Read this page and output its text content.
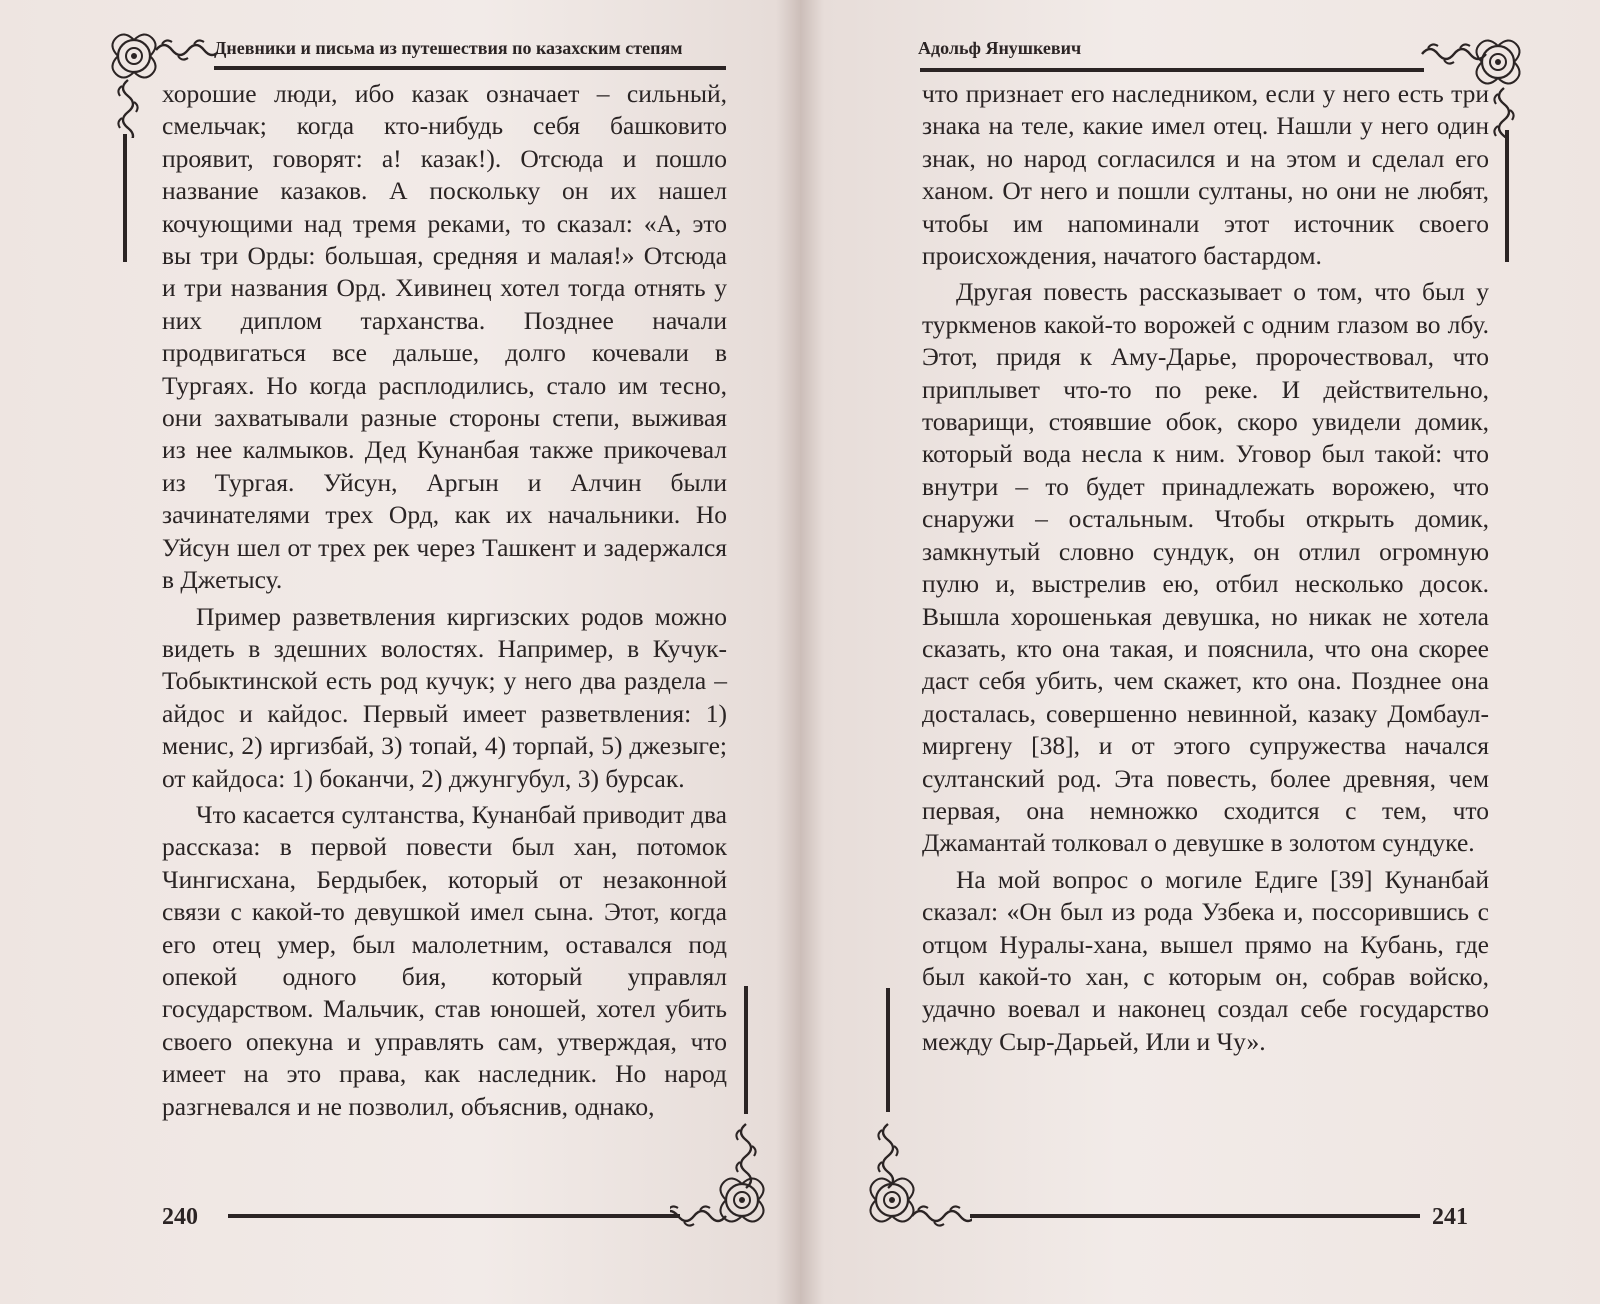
Дневники и письма из путешествия по казахским степям
240

хорошие люди, ибо казак означает – сильный, смельчак; когда кто-нибудь себя башковито проявит, говорят: а! казак!). Отсюда и пошло название казаков. А поскольку он их нашел кочующими над тремя реками, то сказал: «А, это вы три Орды: большая, средняя и малая!» Отсюда и три названия Орд. Хивинец хотел тогда отнять у них диплом тарханства. Позднее начали продвигаться все дальше, долго кочевали в Тургаях. Но когда расплодились, стало им тесно, они захватывали разные стороны степи, выживая из нее калмыков. Дед Кунанбая также прикочевал из Тургая. Уйсун, Аргын и Алчин были зачинателями трех Орд, как их начальники. Но Уйсун шел от трех рек через Ташкент и задержался в Джетысу.

Пример разветвления киргизских родов можно видеть в здешних волостях. Например, в Кучук-Тобыктинской есть род кучук; у него два раздела – айдос и кайдос. Первый имеет разветвления: 1) менис, 2) иргизбай, 3) топай, 4) торпай, 5) джезыге; от кайдоса: 1) боканчи, 2) джунгубул, 3) бурсак.

Что касается султанства, Кунанбай приводит два рассказа: в первой повести был хан, потомок Чингисхана, Бердыбек, который от незаконной связи с какой-то девушкой имел сына. Этот, когда его отец умер, был малолетним, оставался под опекой одного бия, который управлял государством. Мальчик, став юношей, хотел убить своего опекуна и управлять сам, утверждая, что имеет на это права, как наследник. Но народ разгневался и не позволил, объяснив, однако,

Адольф Янушкевич
241

что признает его наследником, если у него есть три знака на теле, какие имел отец. Нашли у него один знак, но народ согласился и на этом и сделал его ханом. От него и пошли султаны, но они не любят, чтобы им напоминали этот источник своего происхождения, начатого бастардом.

Другая повесть рассказывает о том, что был у туркменов какой-то ворожей с одним глазом во лбу. Этот, придя к Аму-Дарье, пророчествовал, что приплывет что-то по реке. И действительно, товарищи, стоявшие обок, скоро увидели домик, который вода несла к ним. Уговор был такой: что внутри – то будет принадлежать ворожею, что снаружи – остальным. Чтобы открыть домик, замкнутый словно сундук, он отлил огромную пулю и, выстрелив ею, отбил несколько досок. Вышла хорошенькая девушка, но никак не хотела сказать, кто она такая, и пояснила, что она скорее даст себя убить, чем скажет, кто она. Позднее она досталась, совершенно невинной, казаку Домбаул-миргену [38], и от этого супружества начался султанский род. Эта повесть, более древняя, чем первая, она немножко сходится с тем, что Джамантай толковал о девушке в золотом сундуке.

На мой вопрос о могиле Едиге [39] Кунанбай сказал: «Он был из рода Узбека и, поссорившись с отцом Нуралы-хана, вышел прямо на Кубань, где был какой-то хан, с которым он, собрав войско, удачно воевал и наконец создал себе государство между Сыр-Дарьей, Или и Чу».
